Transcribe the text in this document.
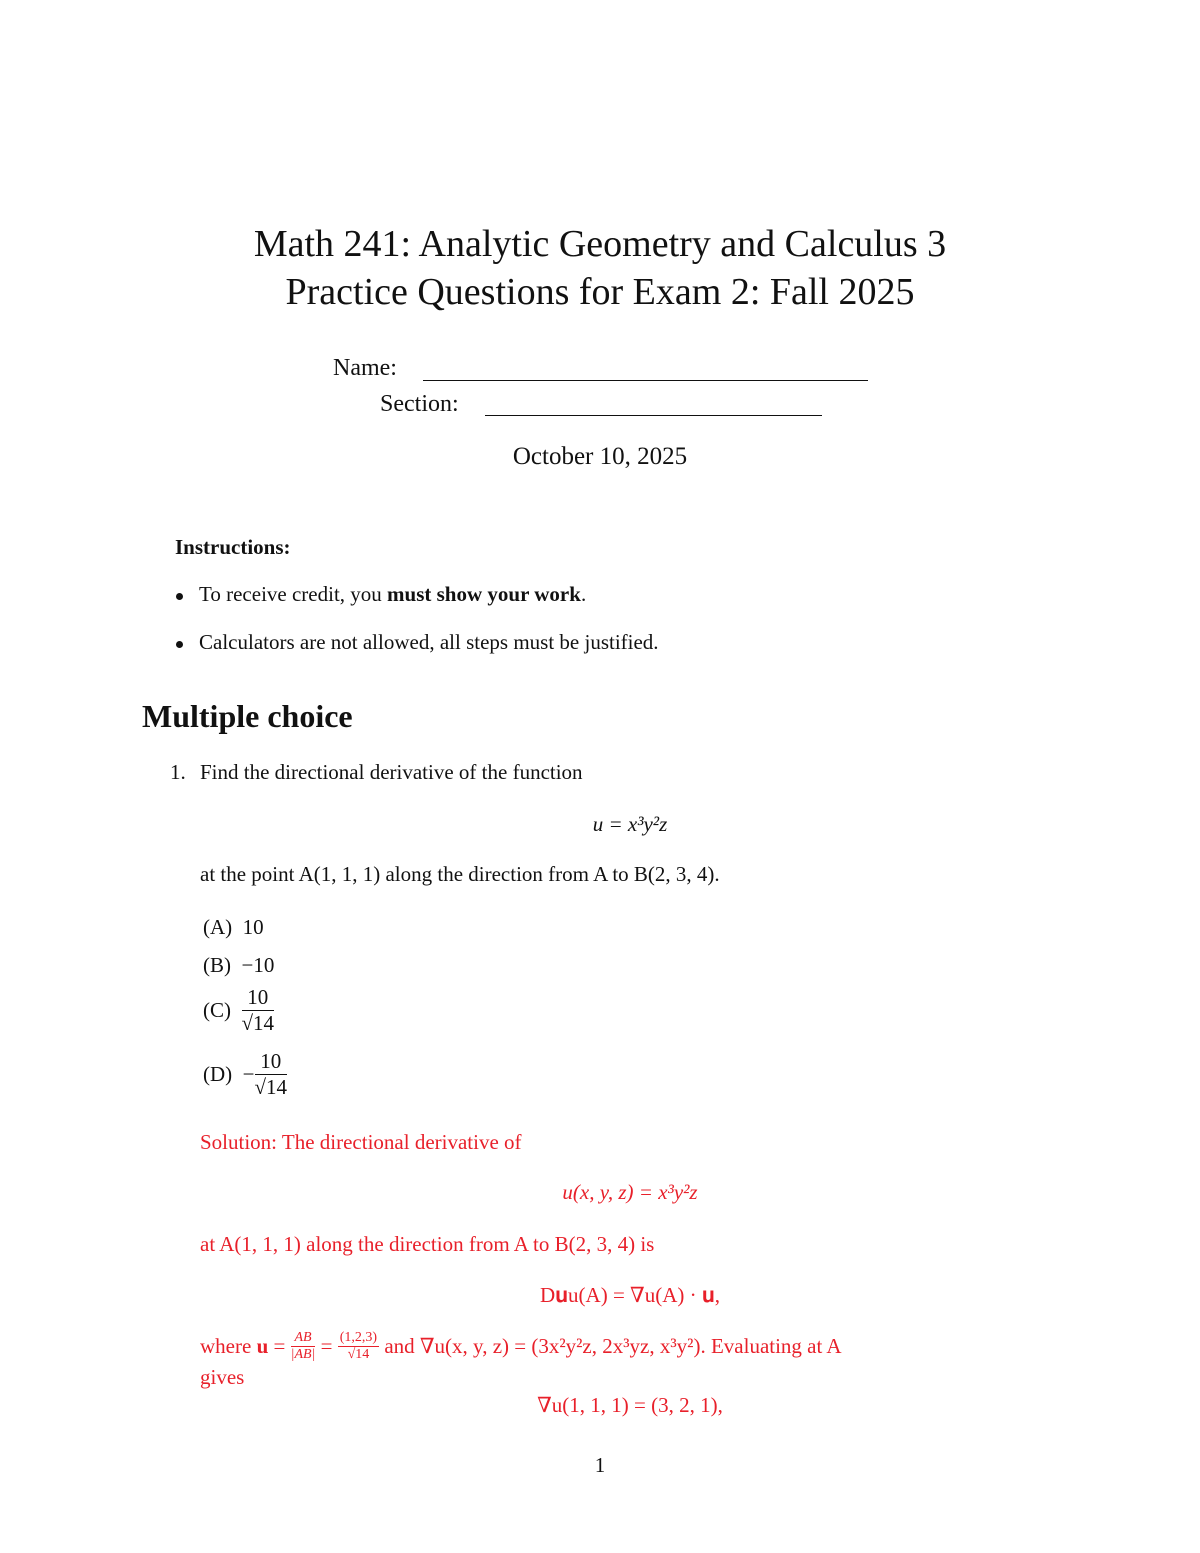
Math 241: Analytic Geometry and Calculus 3
Practice Questions for Exam 2: Fall 2025
Name:
Section:
October 10, 2025
Instructions:
To receive credit, you must show your work.
Calculators are not allowed, all steps must be justified.
Multiple choice
1. Find the directional derivative of the function
u = x³y²z
at the point A(1, 1, 1) along the direction from A to B(2, 3, 4).
(A) 10
(B) −10
$(C) \frac{10}{√14}$
$(D) - \frac{10}{√14}$
Solution: The directional derivative of
u(x, y, z) = x³y²z
at A(1, 1, 1) along the direction from A to B(2, 3, 4) is
D𝐮u(A) = ∇u(A) · 𝐮,
where $u = \frac{AB}{|AB|} = \frac{(1,2,3)}{√14}$ and ∇u(x, y, z) = (3x²y²z, 2x³yz, x³y²). Evaluating at A
gives
∇u(1, 1, 1) = (3, 2, 1),
1
